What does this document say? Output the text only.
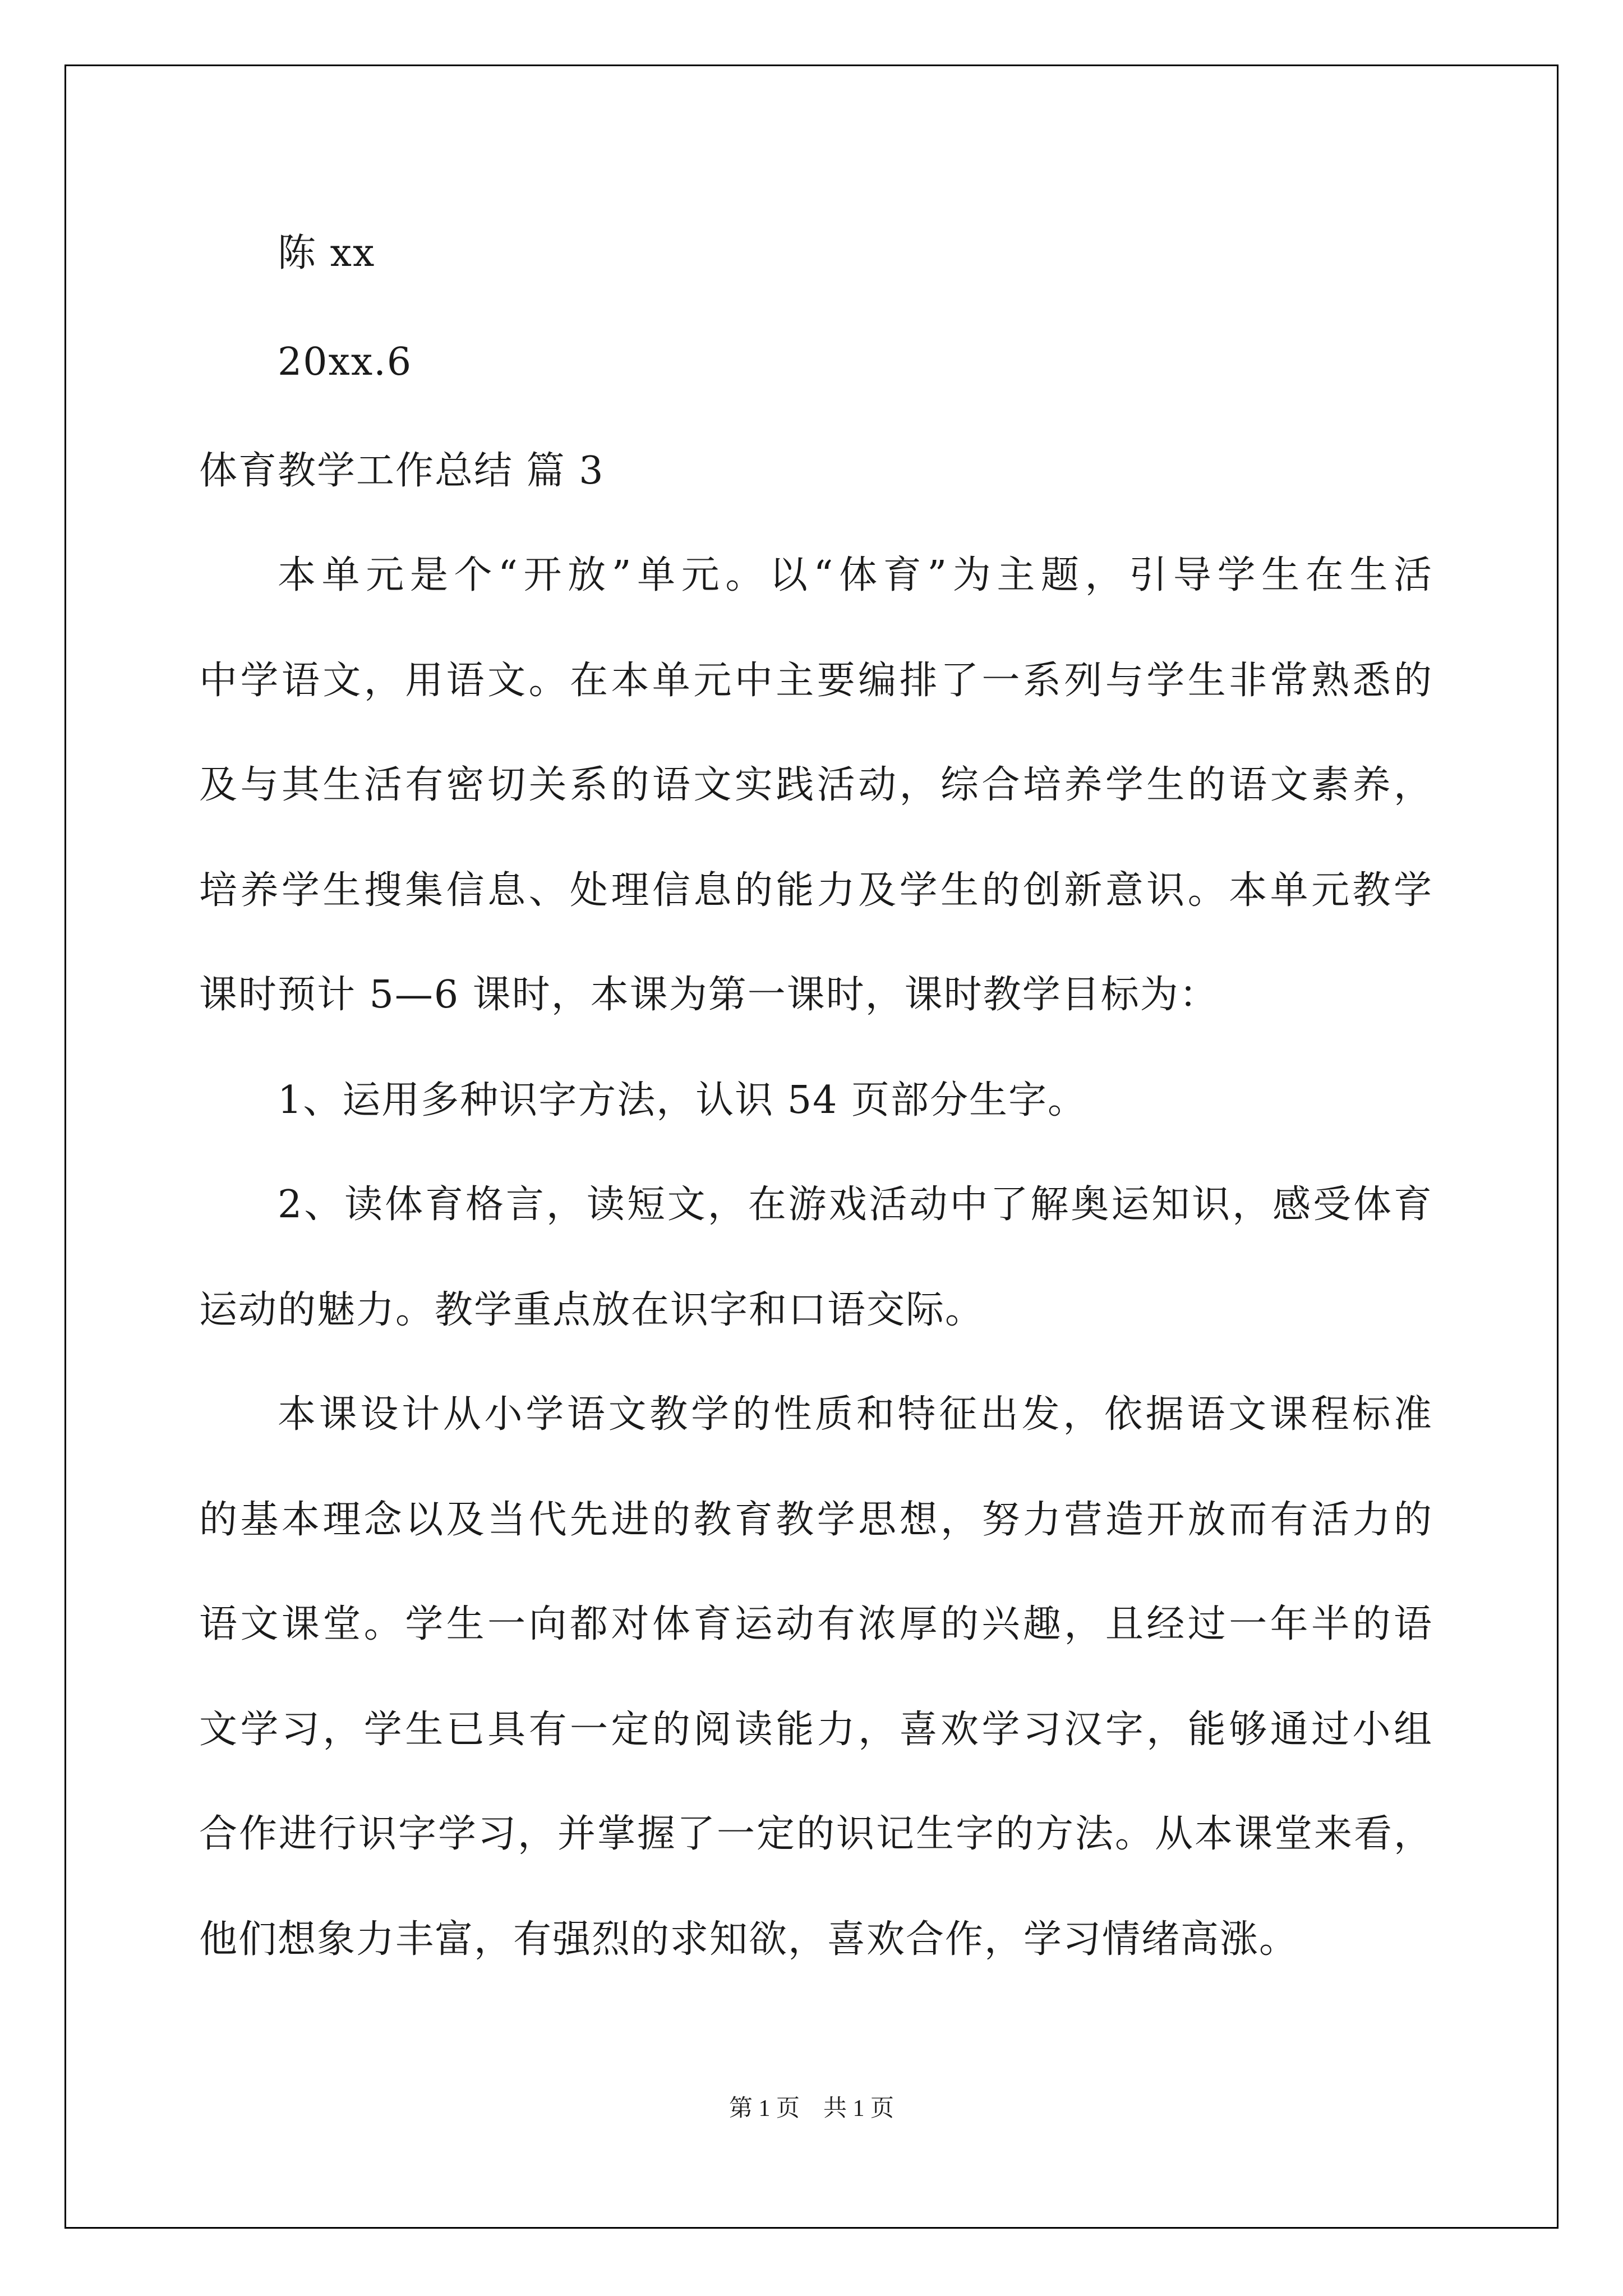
陈 xx
20xx.6
体育教学工作总结 篇 3
本单元是个“开放”单元。以“体育”为主题，引导学生在生活
中学语文，用语文。在本单元中主要编排了一系列与学生非常熟悉的
及与其生活有密切关系的语文实践活动，综合培养学生的语文素养，
培养学生搜集信息、处理信息的能力及学生的创新意识。本单元教学
课时预计 5—6 课时，本课为第一课时，课时教学目标为：
1、运用多种识字方法，认识 54 页部分生字。
2、读体育格言，读短文，在游戏活动中了解奥运知识，感受体育
运动的魅力。教学重点放在识字和口语交际。
本课设计从小学语文教学的性质和特征出发，依据语文课程标准
的基本理念以及当代先进的教育教学思想，努力营造开放而有活力的
语文课堂。学生一向都对体育运动有浓厚的兴趣，且经过一年半的语
文学习，学生已具有一定的阅读能力，喜欢学习汉字，能够通过小组
合作进行识字学习，并掌握了一定的识记生字的方法。从本课堂来看，
他们想象力丰富，有强烈的求知欲，喜欢合作，学习情绪高涨。
第 1 页 共 1 页
